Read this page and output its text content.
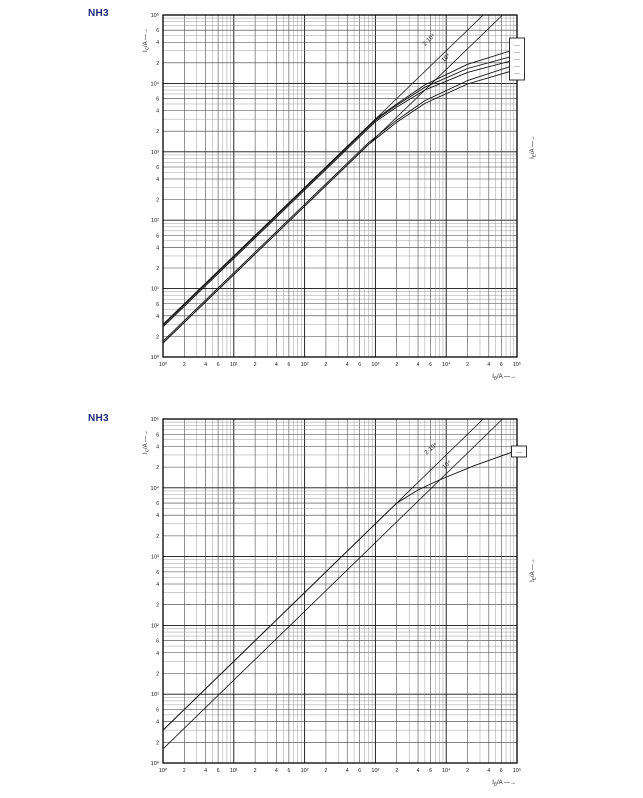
NH3
10⁰
10⁰
2
2
4
4
6
6
10¹
10¹
2
2
4
4
6
6
10²
10²
2
2
4
4
6
6
10³
10³
2
2
4
4
6
6
10⁴
10⁴
2
2
4
4
6
6
10⁵
10⁵
2·10⁴
10⁴
——
——
——
——
——
$I_B/A$ —→
$I_C/A$ —→
$I_E/A$ —→
NH3
10⁰
10⁰
2
2
4
4
6
6
10¹
10¹
2
2
4
4
6
6
10²
10²
2
2
4
4
6
6
10³
10³
2
2
4
4
6
6
10⁴
10⁴
2
2
4
4
6
6
10⁵
10⁵
2·10⁴
10⁴
——
$I_B/A$ —→
$I_C/A$ —→
$I_E/A$ —→
